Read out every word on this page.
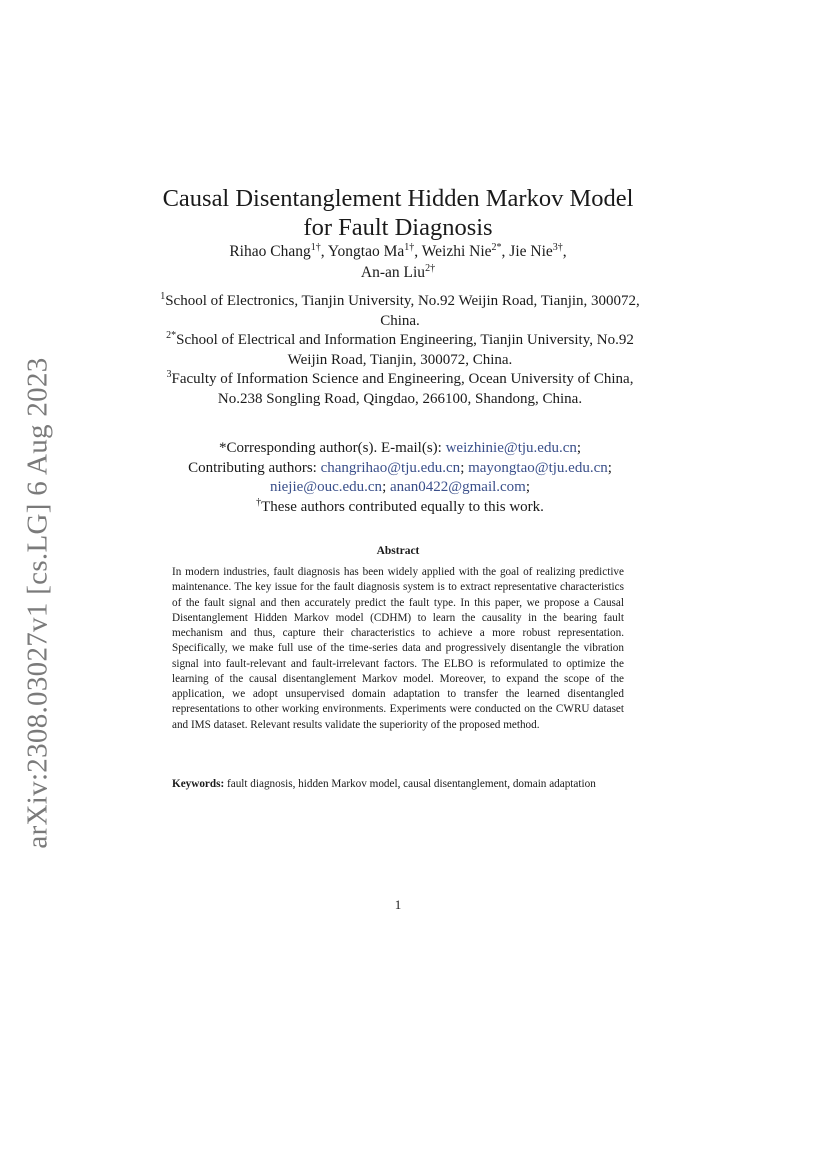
arXiv:2308.03027v1 [cs.LG] 6 Aug 2023
Causal Disentanglement Hidden Markov Model
for Fault Diagnosis
Rihao Chang$^{1\dagger}$, Yongtao $Ma^{1\dagger}$, Weizhi Nie$^{2*}$, Jie Nie$^{3\dagger}$,
An-an Liu$^{2\dagger}$

$^1$School of Electronics, Tianjin University, No.92 Weijin Road, Tianjin, 300072, China.

$^{2*}$School of Electrical and Information Engineering, Tianjin University, No.92 Weijin Road, Tianjin, 300072, China.

$^3$Faculty of Information Science and Engineering, Ocean University of China, No.238 Songling Road, Qingdao, 266100, Shandong, China.

*Corresponding author(s). E-mail(s): weizhinie@tju.edu.cn;

Contributing authors: changrihao@tju.edu.cn; mayongtao@tju.edu.cn;
niejie@ouc.edu.cn; anan0422@gmail.com;

†These authors contributed equally to this work.

Abstract

In modern industries, fault diagnosis has been widely applied with the goal of realizing predictive maintenance. The key issue for the fault diagnosis system is to extract representative characteristics of the fault signal and then accurately predict the fault type. In this paper, we propose a Causal Disentanglement Hidden Markov model (CDHM) to learn the causality in the bearing fault mechanism and thus, capture their characteristics to achieve a more robust representation. Specifically, we make full use of the time-series data and progressively disentangle the vibration signal into fault-relevant and fault-irrelevant factors. The ELBO is reformulated to optimize the learning of the causal disentanglement Markov model. Moreover, to expand the scope of the application, we adopt unsupervised domain adaptation to transfer the learned disentangled representations to other working environments. Experiments were conducted on the CWRU dataset and IMS dataset. Relevant results validate the superiority of the proposed method.

Keywords: fault diagnosis, hidden Markov model, causal disentanglement, domain adaptation

1
